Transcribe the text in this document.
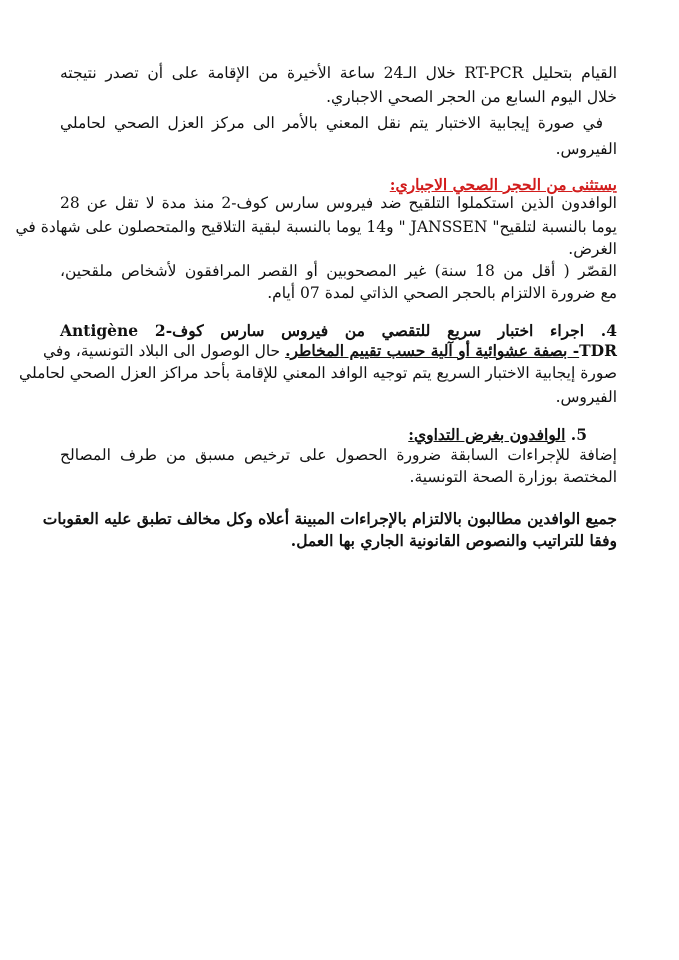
القيام بتحليل RT-PCR خلال الـ24 ساعة الأخيرة من الإقامة على أن تصدر نتيجته
خلال اليوم السابع من الحجر الصحي الاجباري.
في صورة إيجابية الاختبار يتم نقل المعني بالأمر الى مركز العزل الصحي لحاملي
الفيروس.
يستثنى من الحجر الصحي الاجباري:
الوافدون الذين استكملوا التلقيح ضد فيروس سارس كوف-2 منذ مدة لا تقل عن 28
يوما بالنسبة لتلقيح" JANSSEN " و14 يوما بالنسبة لبقية التلاقيح والمتحصلون على شهادة في
الغرض.
القصّر ( أقل من 18 سنة) غير المصحوبين أو القصر المرافقون لأشخاص ملقحين،
مع ضرورة الالتزام بالحجر الصحي الذاتي لمدة 07 أيام.
4. اجراء اختبار سريع للتقصي من فيروس سارس كوف-2 Antigène
TDR- بصفة عشوائية أو آلية حسب تقييم المخاطر. حال الوصول الى البلاد التونسية، وفي
صورة إيجابية الاختبار السريع يتم توجيه الوافد المعني للإقامة بأحد مراكز العزل الصحي لحاملي
الفيروس.
5. الوافدون بغرض التداوي:
إضافة للإجراءات السابقة ضرورة الحصول على ترخيص مسبق من طرف المصالح
المختصة بوزارة الصحة التونسية.
جميع الوافدين مطالبون بالالتزام بالإجراءات المبينة أعلاه وكل مخالف تطبق عليه العقوبات
وفقا للتراتيب والنصوص القانونية الجاري بها العمل.
